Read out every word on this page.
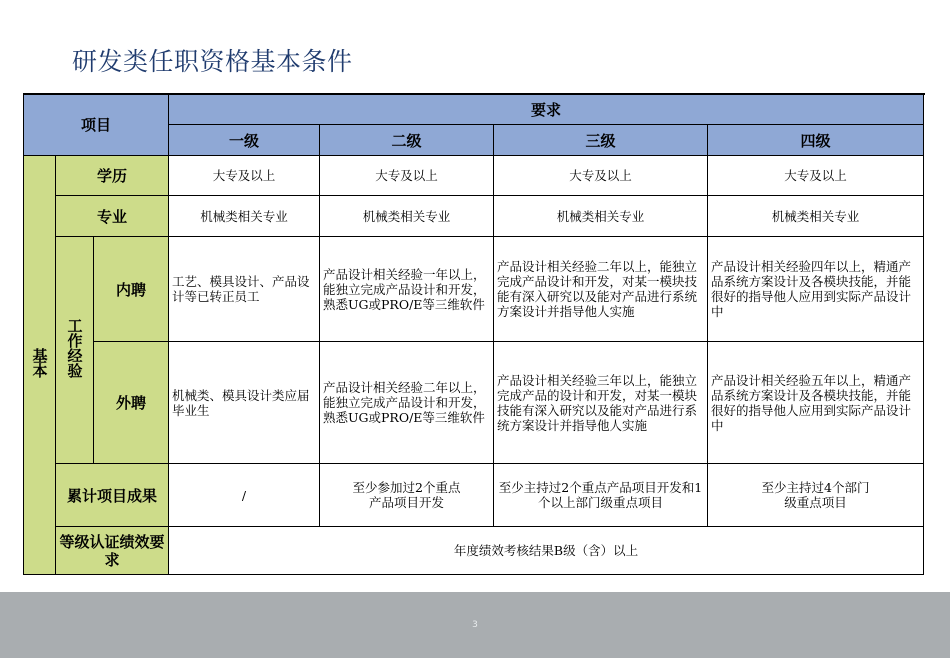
研发类任职资格基本条件
项目			要求			
			一级	二级	三级	四级
基本	学历		大专及以上	大专及以上	大专及以上	大专及以上
	专业		机械类相关专业	机械类相关专业	机械类相关专业	机械类相关专业
	工作经验	内聘	工艺、模具设计、产品设计等已转正员工	产品设计相关经验一年以上，能独立完成产品设计和开发，熟悉UG或PRO/E等三维软件	产品设计相关经验二年以上，能独立完成产品设计和开发，对某一模块技能有深入研究以及能对产品进行系统方案设计并指导他人实施	产品设计相关经验四年以上，精通产品系统方案设计及各模块技能，并能很好的指导他人应用到实际产品设计中
		外聘	机械类、模具设计类应届毕业生	产品设计相关经验二年以上，能独立完成产品设计和开发，熟悉UG或PRO/E等三维软件	产品设计相关经验三年以上，能独立完成产品的设计和开发，对某一模块技能有深入研究以及能对产品进行系统方案设计并指导他人实施	产品设计相关经验五年以上，精通产品系统方案设计及各模块技能，并能很好的指导他人应用到实际产品设计中
	累计项目成果		/	至少参加过2个重点产品项目开发	至少主持过2个重点产品项目开发和1个以上部门级重点项目	至少主持过4个部门级重点项目
	等级认证绩效要求		年度绩效考核结果B级（含）以上			
3
